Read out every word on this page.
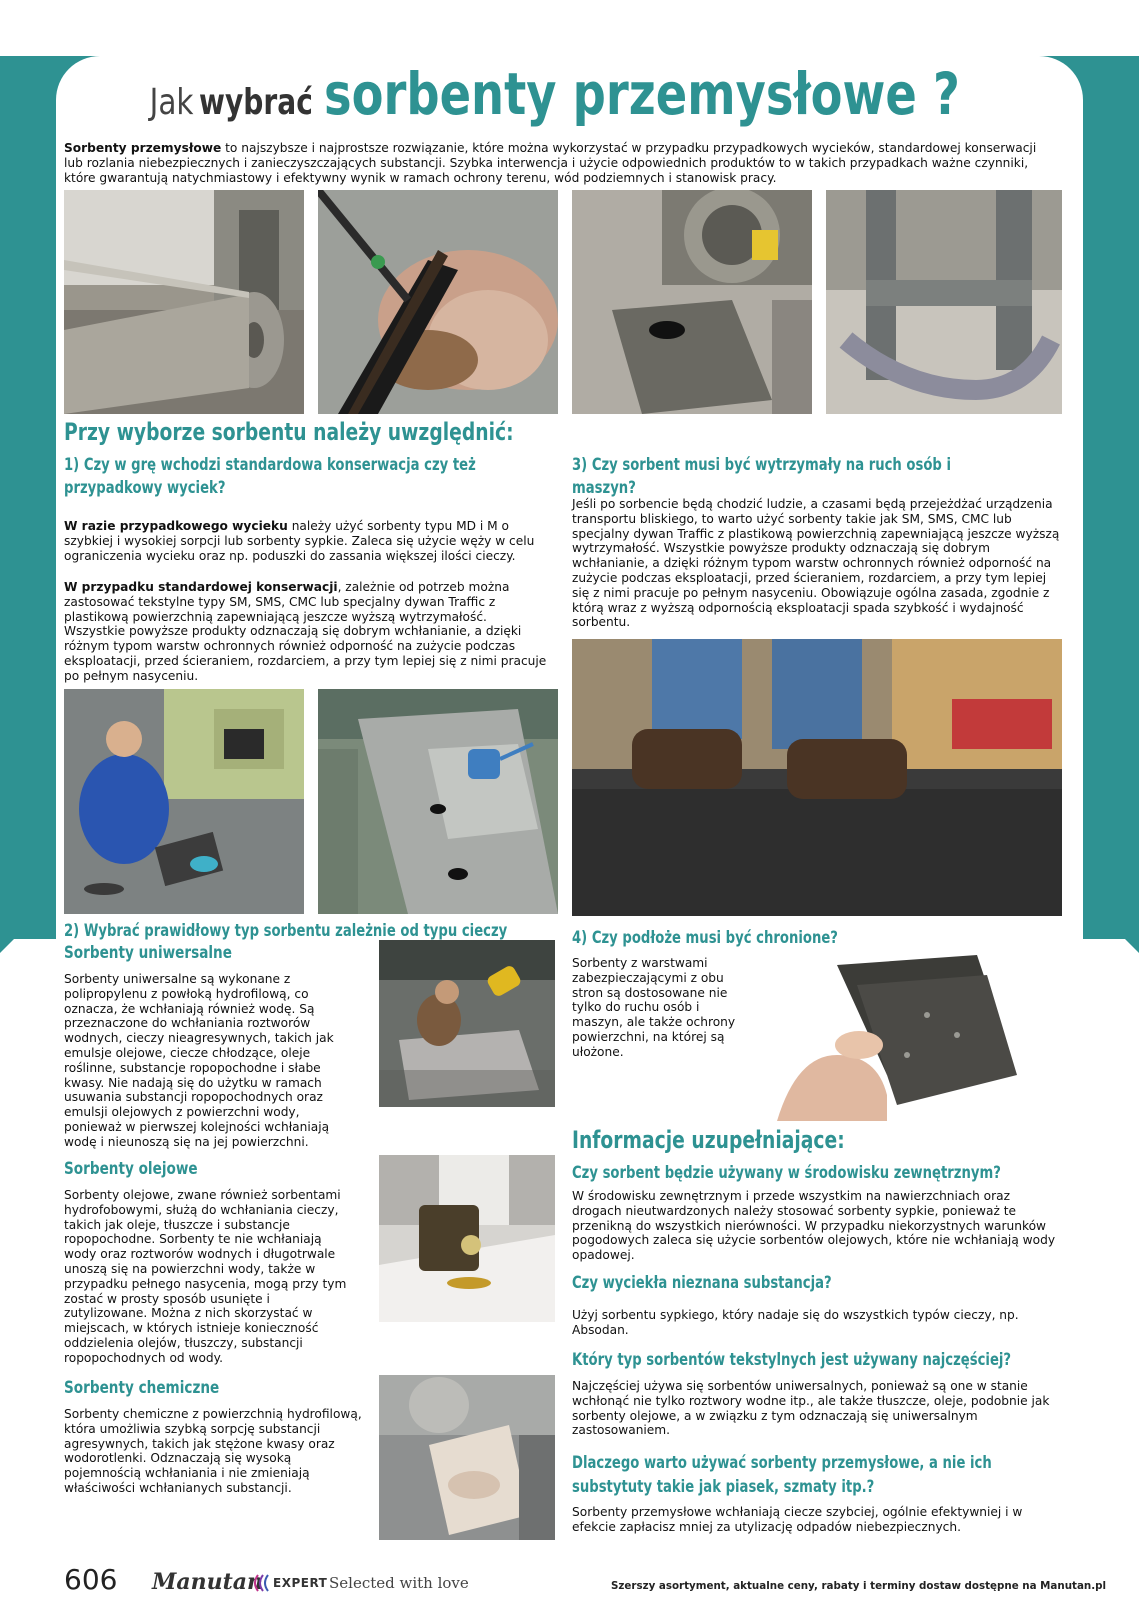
Jak wybrać sorbenty przemysłowe ?
Sorbenty przemysłowe to najszybsze i najprostsze rozwiązanie, które można wykorzystać w przypadku przypadkowych wycieków, standardowej konserwacji lub rozlania niebezpiecznych i zanieczyszczających substancji. Szybka interwencja i użycie odpowiednich produktów to w takich przypadkach ważne czynniki, które gwarantują natychmiastowy i efektywny wynik w ramach ochrony terenu, wód podziemnych i stanowisk pracy.
Przy wyborze sorbentu należy uwzględnić:
1) Czy w grę wchodzi standardowa konserwacja czy też przypadkowy wyciek?
W razie przypadkowego wycieku należy użyć sorbenty typu MD i M o szybkiej i wysokiej sorpcji lub sorbenty sypkie. Zaleca się użycie węży w celu ograniczenia wycieku oraz np. poduszki do zassania większej ilości cieczy.
W przypadku standardowej konserwacji, zależnie od potrzeb można zastosować tekstylne typy SM, SMS, CMC lub specjalny dywan Traffic z plastikową powierzchnią zapewniającą jeszcze wyższą wytrzymałość. Wszystkie powyższe produkty odznaczają się dobrym wchłanianie, a dzięki różnym typom warstw ochronnych również odporność na zużycie podczas eksploatacji, przed ścieraniem, rozdarciem, a przy tym lepiej się z nimi pracuje po pełnym nasyceniu.
3) Czy sorbent musi być wytrzymały na ruch osób i maszyn?
Jeśli po sorbencie będą chodzić ludzie, a czasami będą przejeżdżać urządzenia transportu bliskiego, to warto użyć sorbenty takie jak SM, SMS, CMC lub specjalny dywan Traffic z plastikową powierzchnią zapewniającą jeszcze wyższą wytrzymałość. Wszystkie powyższe produkty odznaczają się dobrym wchłanianie, a dzięki różnym typom warstw ochronnych również odporność na zużycie podczas eksploatacji, przed ścieraniem, rozdarciem, a przy tym lepiej się z nimi pracuje po pełnym nasyceniu. Obowiązuje ogólna zasada, zgodnie z którą wraz z wyższą odpornością eksploatacji spada szybkość i wydajność sorbentu.
2) Wybrać prawidłowy typ sorbentu zależnie od typu cieczy
Sorbenty uniwersalne
Sorbenty uniwersalne są wykonane z polipropylenu z powłoką hydrofilową, co oznacza, że wchłaniają również wodę. Są przeznaczone do wchłaniania roztworów wodnych, cieczy nieagresywnych, takich jak emulsje olejowe, ciecze chłodzące, oleje roślinne, substancje ropopochodne i słabe kwasy. Nie nadają się do użytku w ramach usuwania substancji ropopochodnych oraz emulsji olejowych z powierzchni wody, ponieważ w pierwszej kolejności wchłaniają wodę i nieunoszą się na jej powierzchni.
Sorbenty olejowe
Sorbenty olejowe, zwane również sorbentami hydrofobowymi, służą do wchłaniania cieczy, takich jak oleje, tłuszcze i substancje ropopochodne. Sorbenty te nie wchłaniają wody oraz roztworów wodnych i długotrwale unoszą się na powierzchni wody, także w przypadku pełnego nasycenia, mogą przy tym zostać w prosty sposób usunięte i zutylizowane. Można z nich skorzystać w miejscach, w których istnieje konieczność oddzielenia olejów, tłuszczy, substancji ropopochodnych od wody.
Sorbenty chemiczne
Sorbenty chemiczne z powierzchnią hydrofilową, która umożliwia szybką sorpcję substancji agresywnych, takich jak stężone kwasy oraz wodorotlenki. Odznaczają się wysoką pojemnością wchłaniania i nie zmieniają właściwości wchłanianych substancji.
4) Czy podłoże musi być chronione?
Sorbenty z warstwami zabezpieczającymi z obu stron są dostosowane nie tylko do ruchu osób i maszyn, ale także ochrony powierzchni, na której są ułożone.
Informacje uzupełniające:
Czy sorbent będzie używany w środowisku zewnętrznym?
W środowisku zewnętrznym i przede wszystkim na nawierzchniach oraz drogach nieutwardzonych należy stosować sorbenty sypkie, ponieważ te przenikną do wszystkich nierówności. W przypadku niekorzystnych warunków pogodowych zaleca się użycie sorbentów olejowych, które nie wchłaniają wody opadowej.
Czy wyciekła nieznana substancja?
Użyj sorbentu sypkiego, który nadaje się do wszystkich typów cieczy, np. Absodan.
Który typ sorbentów tekstylnych jest używany najczęściej?
Najczęściej używa się sorbentów uniwersalnych, ponieważ są one w stanie wchłonąć nie tylko roztwory wodne itp., ale także tłuszcze, oleje, podobnie jak sorbenty olejowe, a w związku z tym odznaczają się uniwersalnym zastosowaniem.
Dlaczego warto używać sorbenty przemysłowe, a nie ich
substytuty takie jak piasek, szmaty itp.?
Sorbenty przemysłowe wchłaniają ciecze szybciej, ogólnie efektywniej i w efekcie zapłacisz mniej za utylizację odpadów niebezpiecznych.
606 Manutan EXPERT Selected with love	Szerszy asortyment, aktualne ceny, rabaty i terminy dostaw dostępne na Manutan.pl
